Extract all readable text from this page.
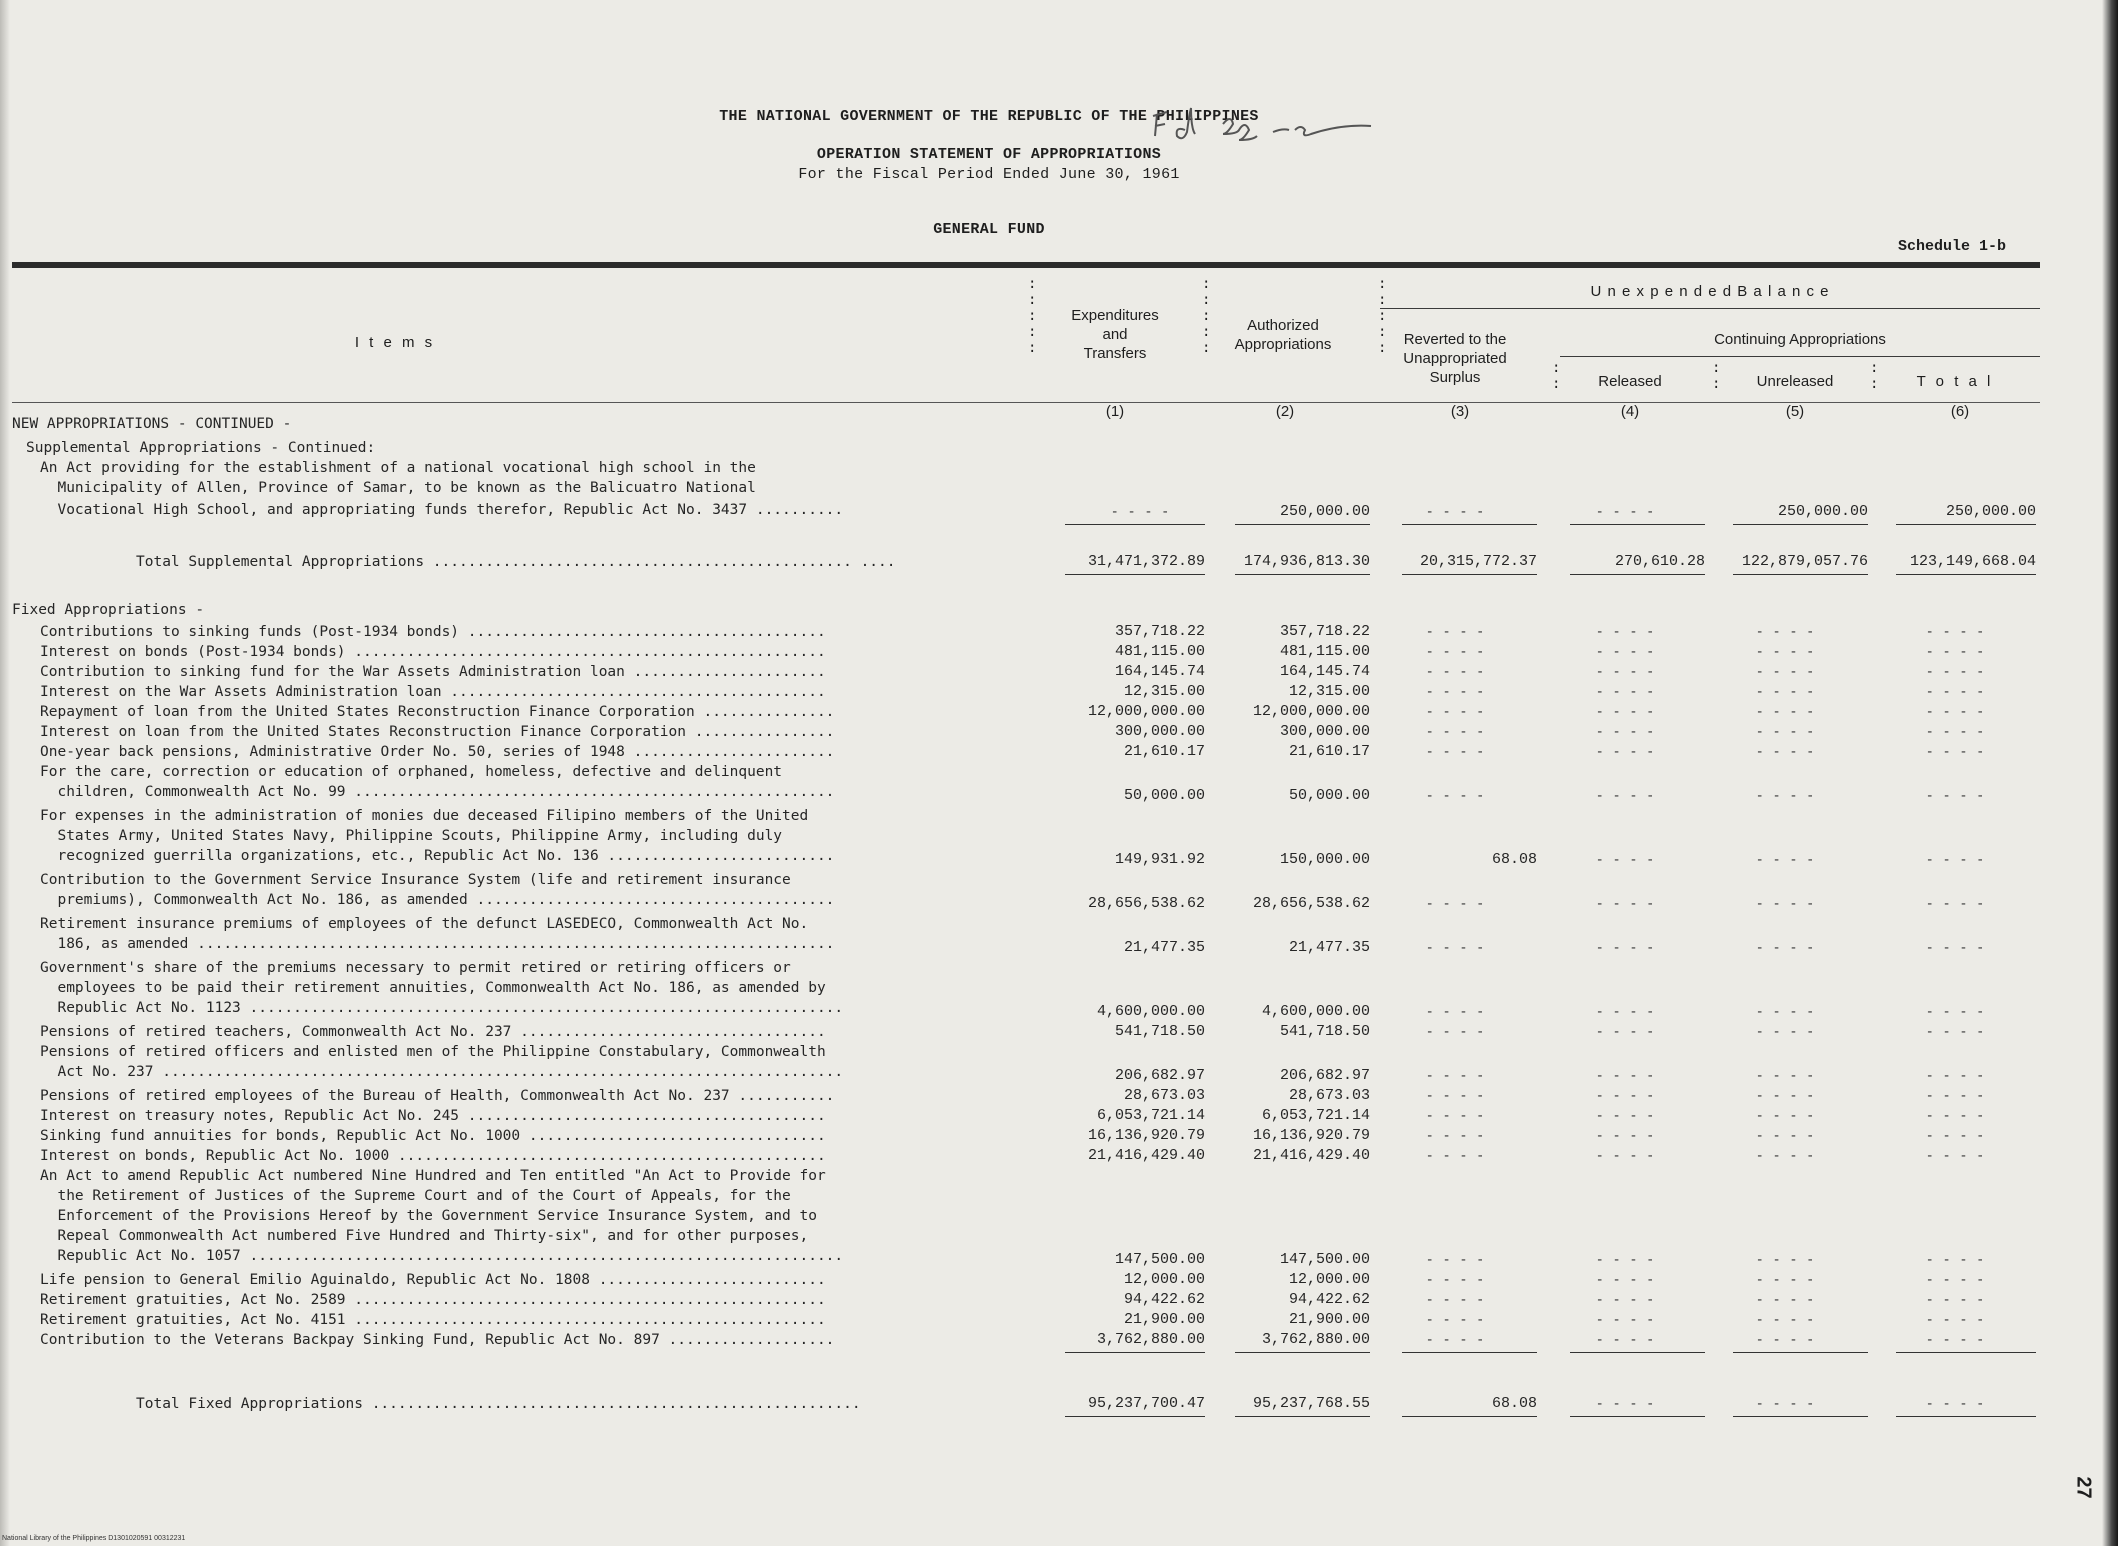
THE NATIONAL GOVERNMENT OF THE REPUBLIC OF THE PHILIPPINES
OPERATION STATEMENT OF APPROPRIATIONS
For the Fiscal Period Ended June 30, 1961
GENERAL FUND
Schedule 1-b
I t e m s
Expenditures
and
Transfers
Authorized
Appropriations
U n e x p e n d e d B a l a n c e
Reverted to the
Unappropriated
Surplus
Continuing Appropriations
Released	Unreleased	T o t a l
:
:
:
:
:
:
:
:
:
:
:
:
:
:
:
:
:
:
:
:
:
(1)	(2)	(3)	(4)	(5)	(6)
NEW APPROPRIATIONS - CONTINUED -
Supplemental Appropriations - Continued:
An Act providing for the establishment of a national vocational high school in the
Municipality of Allen, Province of Samar, to be known as the Balicuatro National
Vocational High School, and appropriating funds therefor, Republic Act No. 3437 ..........	- - - -	250,000.00	- - - -	- - - -	250,000.00	250,000.00
Total Supplemental Appropriations ................................................ ....	31,471,372.89	174,936,813.30	20,315,772.37	270,610.28	122,879,057.76	123,149,668.04
Fixed Appropriations -
Contributions to sinking funds (Post-1934 bonds) .........................................	357,718.22	357,718.22	- - - -	- - - -	- - - -	- - - -
Interest on bonds (Post-1934 bonds) ......................................................	481,115.00	481,115.00	- - - -	- - - -	- - - -	- - - -
Contribution to sinking fund for the War Assets Administration loan ......................	164,145.74	164,145.74	- - - -	- - - -	- - - -	- - - -
Interest on the War Assets Administration loan ...........................................	12,315.00	12,315.00	- - - -	- - - -	- - - -	- - - -
Repayment of loan from the United States Reconstruction Finance Corporation ...............	12,000,000.00	12,000,000.00	- - - -	- - - -	- - - -	- - - -
Interest on loan from the United States Reconstruction Finance Corporation ................	300,000.00	300,000.00	- - - -	- - - -	- - - -	- - - -
One-year back pensions, Administrative Order No. 50, series of 1948 .......................	21,610.17	21,610.17	- - - -	- - - -	- - - -	- - - -
For the care, correction or education of orphaned, homeless, defective and delinquent
children, Commonwealth Act No. 99 .......................................................	50,000.00	50,000.00	- - - -	- - - -	- - - -	- - - -
For expenses in the administration of monies due deceased Filipino members of the United
States Army, United States Navy, Philippine Scouts, Philippine Army, including duly
recognized guerrilla organizations, etc., Republic Act No. 136 ..........................	149,931.92	150,000.00	68.08	- - - -	- - - -	- - - -
Contribution to the Government Service Insurance System (life and retirement insurance
premiums), Commonwealth Act No. 186, as amended .........................................	28,656,538.62	28,656,538.62	- - - -	- - - -	- - - -	- - - -
Retirement insurance premiums of employees of the defunct LASEDECO, Commonwealth Act No.
186, as amended .........................................................................	21,477.35	21,477.35	- - - -	- - - -	- - - -	- - - -
Government's share of the premiums necessary to permit retired or retiring officers or
employees to be paid their retirement annuities, Commonwealth Act No. 186, as amended by
Republic Act No. 1123 ....................................................................	4,600,000.00	4,600,000.00	- - - -	- - - -	- - - -	- - - -
Pensions of retired teachers, Commonwealth Act No. 237 ...................................	541,718.50	541,718.50	- - - -	- - - -	- - - -	- - - -
Pensions of retired officers and enlisted men of the Philippine Constabulary, Commonwealth
Act No. 237 ..............................................................................	206,682.97	206,682.97	- - - -	- - - -	- - - -	- - - -
Pensions of retired employees of the Bureau of Health, Commonwealth Act No. 237 ...........	28,673.03	28,673.03	- - - -	- - - -	- - - -	- - - -
Interest on treasury notes, Republic Act No. 245 .........................................	6,053,721.14	6,053,721.14	- - - -	- - - -	- - - -	- - - -
Sinking fund annuities for bonds, Republic Act No. 1000 ..................................	16,136,920.79	16,136,920.79	- - - -	- - - -	- - - -	- - - -
Interest on bonds, Republic Act No. 1000 .................................................	21,416,429.40	21,416,429.40	- - - -	- - - -	- - - -	- - - -
An Act to amend Republic Act numbered Nine Hundred and Ten entitled "An Act to Provide for
the Retirement of Justices of the Supreme Court and of the Court of Appeals, for the
Enforcement of the Provisions Hereof by the Government Service Insurance System, and to
Repeal Commonwealth Act numbered Five Hundred and Thirty-six", and for other purposes,
Republic Act No. 1057 ....................................................................	147,500.00	147,500.00	- - - -	- - - -	- - - -	- - - -
Life pension to General Emilio Aguinaldo, Republic Act No. 1808 ..........................	12,000.00	12,000.00	- - - -	- - - -	- - - -	- - - -
Retirement gratuities, Act No. 2589 ......................................................	94,422.62	94,422.62	- - - -	- - - -	- - - -	- - - -
Retirement gratuities, Act No. 4151 ......................................................	21,900.00	21,900.00	- - - -	- - - -	- - - -	- - - -
Contribution to the Veterans Backpay Sinking Fund, Republic Act No. 897 ...................	3,762,880.00	3,762,880.00	- - - -	- - - -	- - - -	- - - -
Total Fixed Appropriations ........................................................	95,237,700.47	95,237,768.55	68.08	- - - -	- - - -	- - - -
27
National Library of the Philippines D1301020591 00312231
